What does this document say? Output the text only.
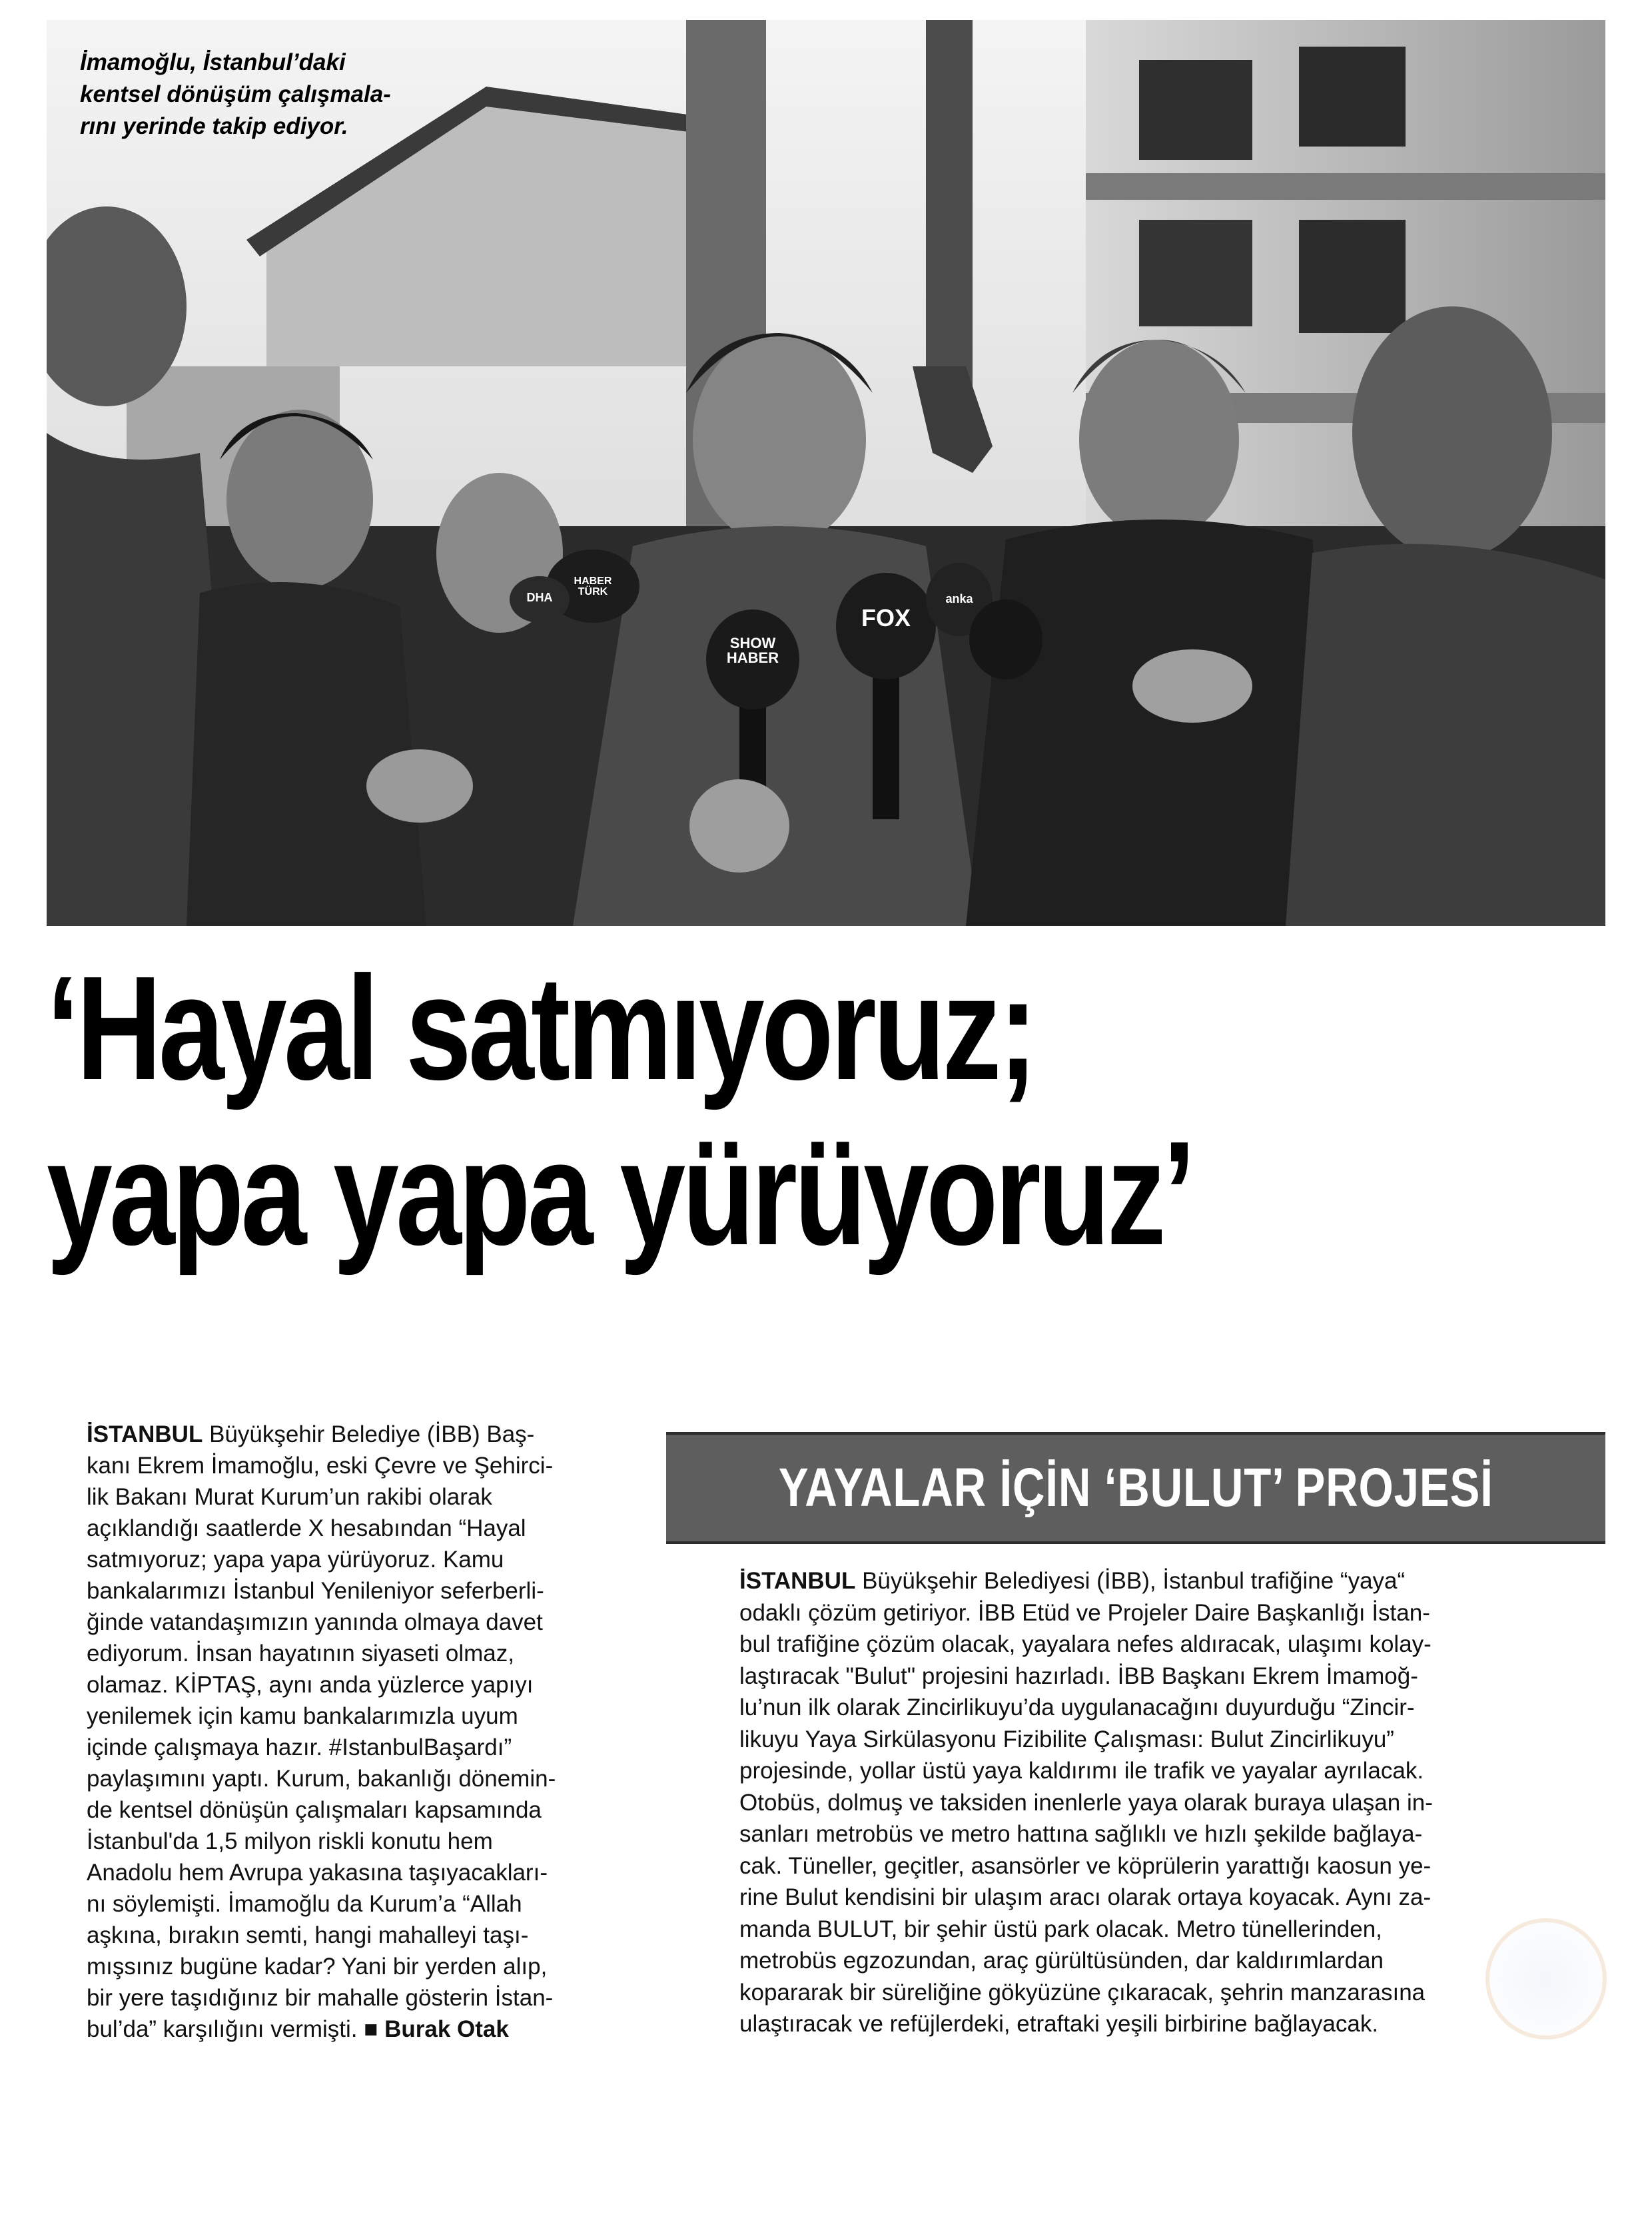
İmamoğlu, İstanbul’daki
kentsel dönüşüm çalışmala-
rını yerinde takip ediyor.
SHOW HABER
FOX
HABER TÜRK
DHA	anka
‘Hayal satmıyoruz;
yapa yapa yürüyoruz’
İSTANBUL Büyükşehir Belediye (İBB) Baş-
kanı Ekrem İmamoğlu, eski Çevre ve Şehirci-
lik Bakanı Murat Kurum’un rakibi olarak
açıklandığı saatlerde X hesabından “Hayal
satmıyoruz; yapa yapa yürüyoruz. Kamu
bankalarımızı İstanbul Yenileniyor seferberli-
ğinde vatandaşımızın yanında olmaya davet
ediyorum. İnsan hayatının siyaseti olmaz,
olamaz. KİPTAŞ, aynı anda yüzlerce yapıyı
yenilemek için kamu bankalarımızla uyum
içinde çalışmaya hazır. #IstanbulBaşardı”
paylaşımını yaptı. Kurum, bakanlığı dönemin-
de kentsel dönüşün çalışmaları kapsamında
İstanbul'da 1,5 milyon riskli konutu hem
Anadolu hem Avrupa yakasına taşıyacakları-
nı söylemişti. İmamoğlu da Kurum’a “Allah
aşkına, bırakın semti, hangi mahalleyi taşı-
mışsınız bugüne kadar? Yani bir yerden alıp,
bir yere taşıdığınız bir mahalle gösterin İstan-
bul’da” karşılığını vermişti. ■ Burak Otak
YAYALAR İÇİN ‘BULUT’ PROJESİ
İSTANBUL Büyükşehir Belediyesi (İBB), İstanbul trafiğine “yaya“
odaklı çözüm getiriyor. İBB Etüd ve Projeler Daire Başkanlığı İstan-
bul trafiğine çözüm olacak, yayalara nefes aldıracak, ulaşımı kolay-
laştıracak "Bulut" projesini hazırladı. İBB Başkanı Ekrem İmamoğ-
lu’nun ilk olarak Zincirlikuyu’da uygulanacağını duyurduğu “Zincir-
likuyu Yaya Sirkülasyonu Fizibilite Çalışması: Bulut Zincirlikuyu”
projesinde, yollar üstü yaya kaldırımı ile trafik ve yayalar ayrılacak.
Otobüs, dolmuş ve taksiden inenlerle yaya olarak buraya ulaşan in-
sanları metrobüs ve metro hattına sağlıklı ve hızlı şekilde bağlaya-
cak. Tüneller, geçitler, asansörler ve köprülerin yarattığı kaosun ye-
rine Bulut kendisini bir ulaşım aracı olarak ortaya koyacak. Aynı za-
manda BULUT, bir şehir üstü park olacak. Metro tünellerinden,
metrobüs egzozundan, araç gürültüsünden, dar kaldırımlardan
kopararak bir süreliğine gökyüzüne çıkaracak, şehrin manzarasına
ulaştıracak ve refüjlerdeki, etraftaki yeşili birbirine bağlayacak.
